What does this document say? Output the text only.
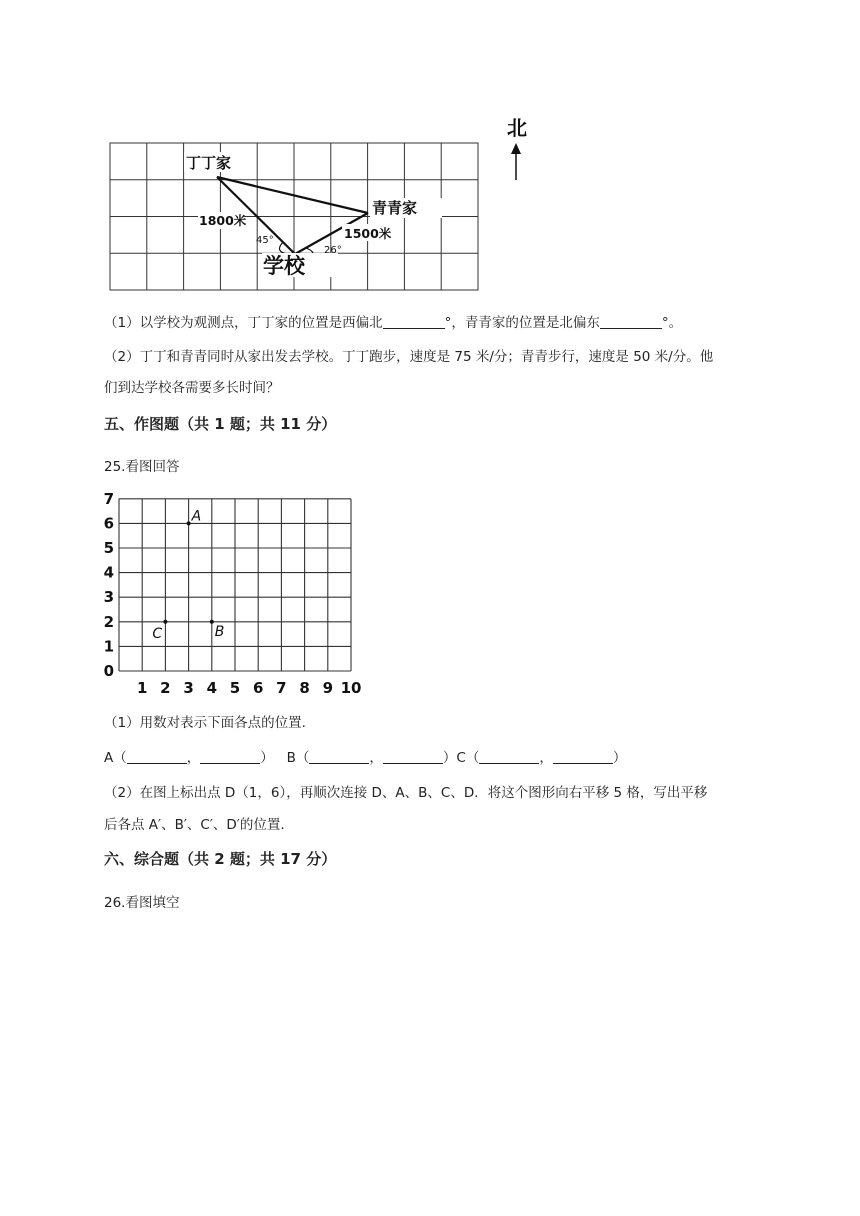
北
丁丁家
青青家
学校
1800米
1500米
45°
26°
（1）以学校为观测点，丁丁家的位置是西偏北	°，青青家的位置是北偏东	°。
（2）丁丁和青青同时从家出发去学校。丁丁跑步，速度是 75 米/分；青青步行，速度是 50 米/分。他
们到达学校各需要多长时间？
五、作图题（共 1 题；共 11 分）
25.看图回答
1 2 3 4 5 6 7 8 9 10
0
1
2
3
4
5
6
7
A
B
C
（1）用数对表示下面各点的位置.
A（	，	） B（	，	）C（	，	）
（2）在图上标出点 D（1，6），再顺次连接 D、A、B、C、D．将这个图形向右平移 5 格，写出平移
后各点 A′、B′、C′、D′的位置.
六、综合题（共 2 题；共 17 分）
26.看图填空
